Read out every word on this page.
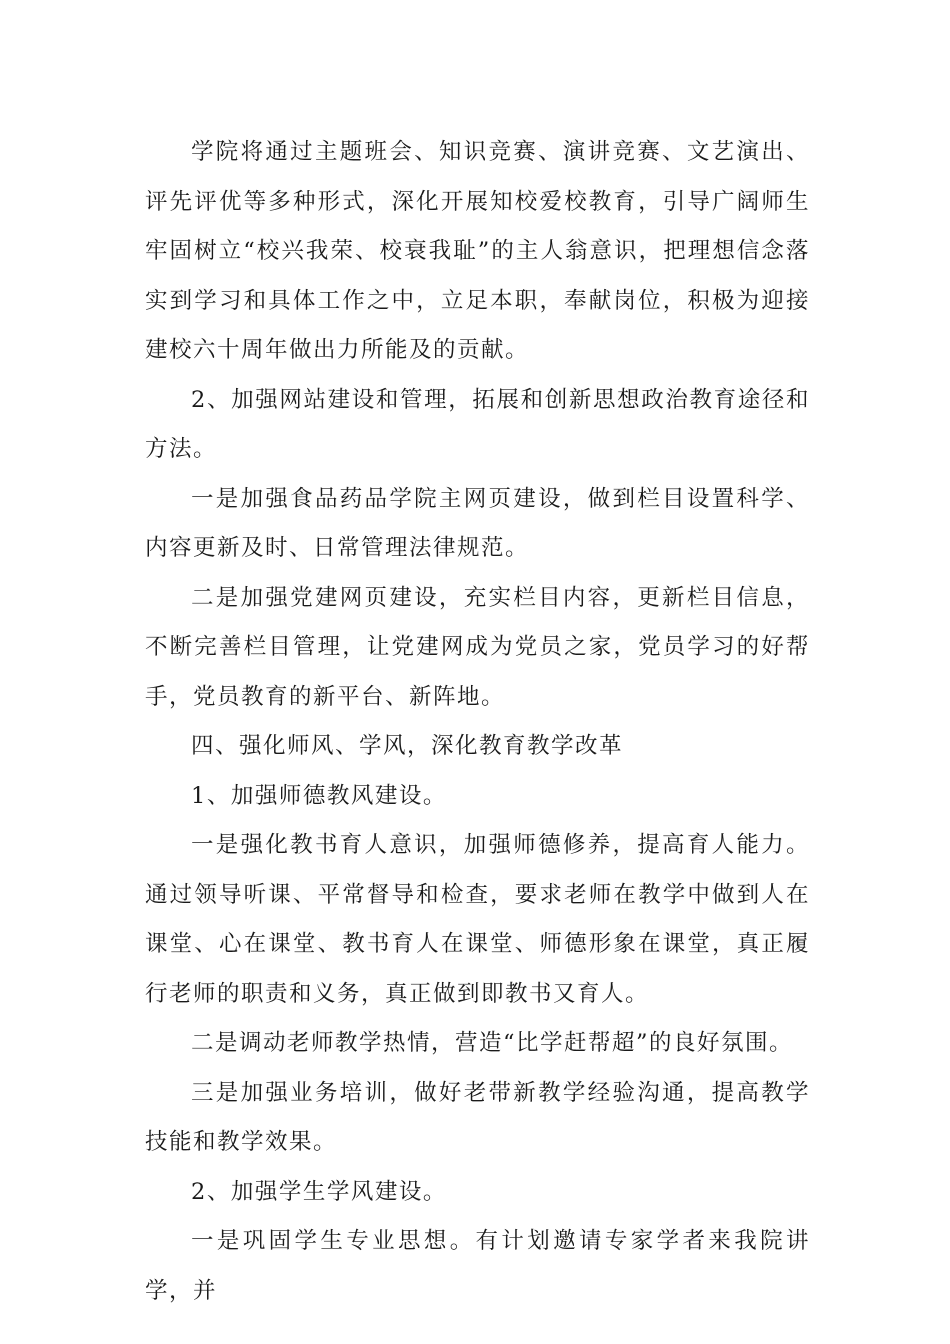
学院将通过主题班会、知识竞赛、演讲竞赛、文艺演出、评先评优等多种形式，深化开展知校爱校教育，引导广阔师生牢固树立“校兴我荣、校衰我耻”的主人翁意识，把理想信念落实到学习和具体工作之中，立足本职，奉献岗位，积极为迎接建校六十周年做出力所能及的贡献。

2、加强网站建设和管理，拓展和创新思想政治教育途径和方法。

一是加强食品药品学院主网页建设，做到栏目设置科学、内容更新及时、日常管理法律规范。

二是加强党建网页建设，充实栏目内容，更新栏目信息，不断完善栏目管理，让党建网成为党员之家，党员学习的好帮手，党员教育的新平台、新阵地。

四、强化师风、学风，深化教育教学改革

1、加强师德教风建设。

一是强化教书育人意识，加强师德修养，提高育人能力。通过领导听课、平常督导和检查，要求老师在教学中做到人在课堂、心在课堂、教书育人在课堂、师德形象在课堂，真正履行老师的职责和义务，真正做到即教书又育人。

二是调动老师教学热情，营造“比学赶帮超”的良好氛围。

三是加强业务培训，做好老带新教学经验沟通，提高教学技能和教学效果。

2、加强学生学风建设。

一是巩固学生专业思想。有计划邀请专家学者来我院讲学，并
